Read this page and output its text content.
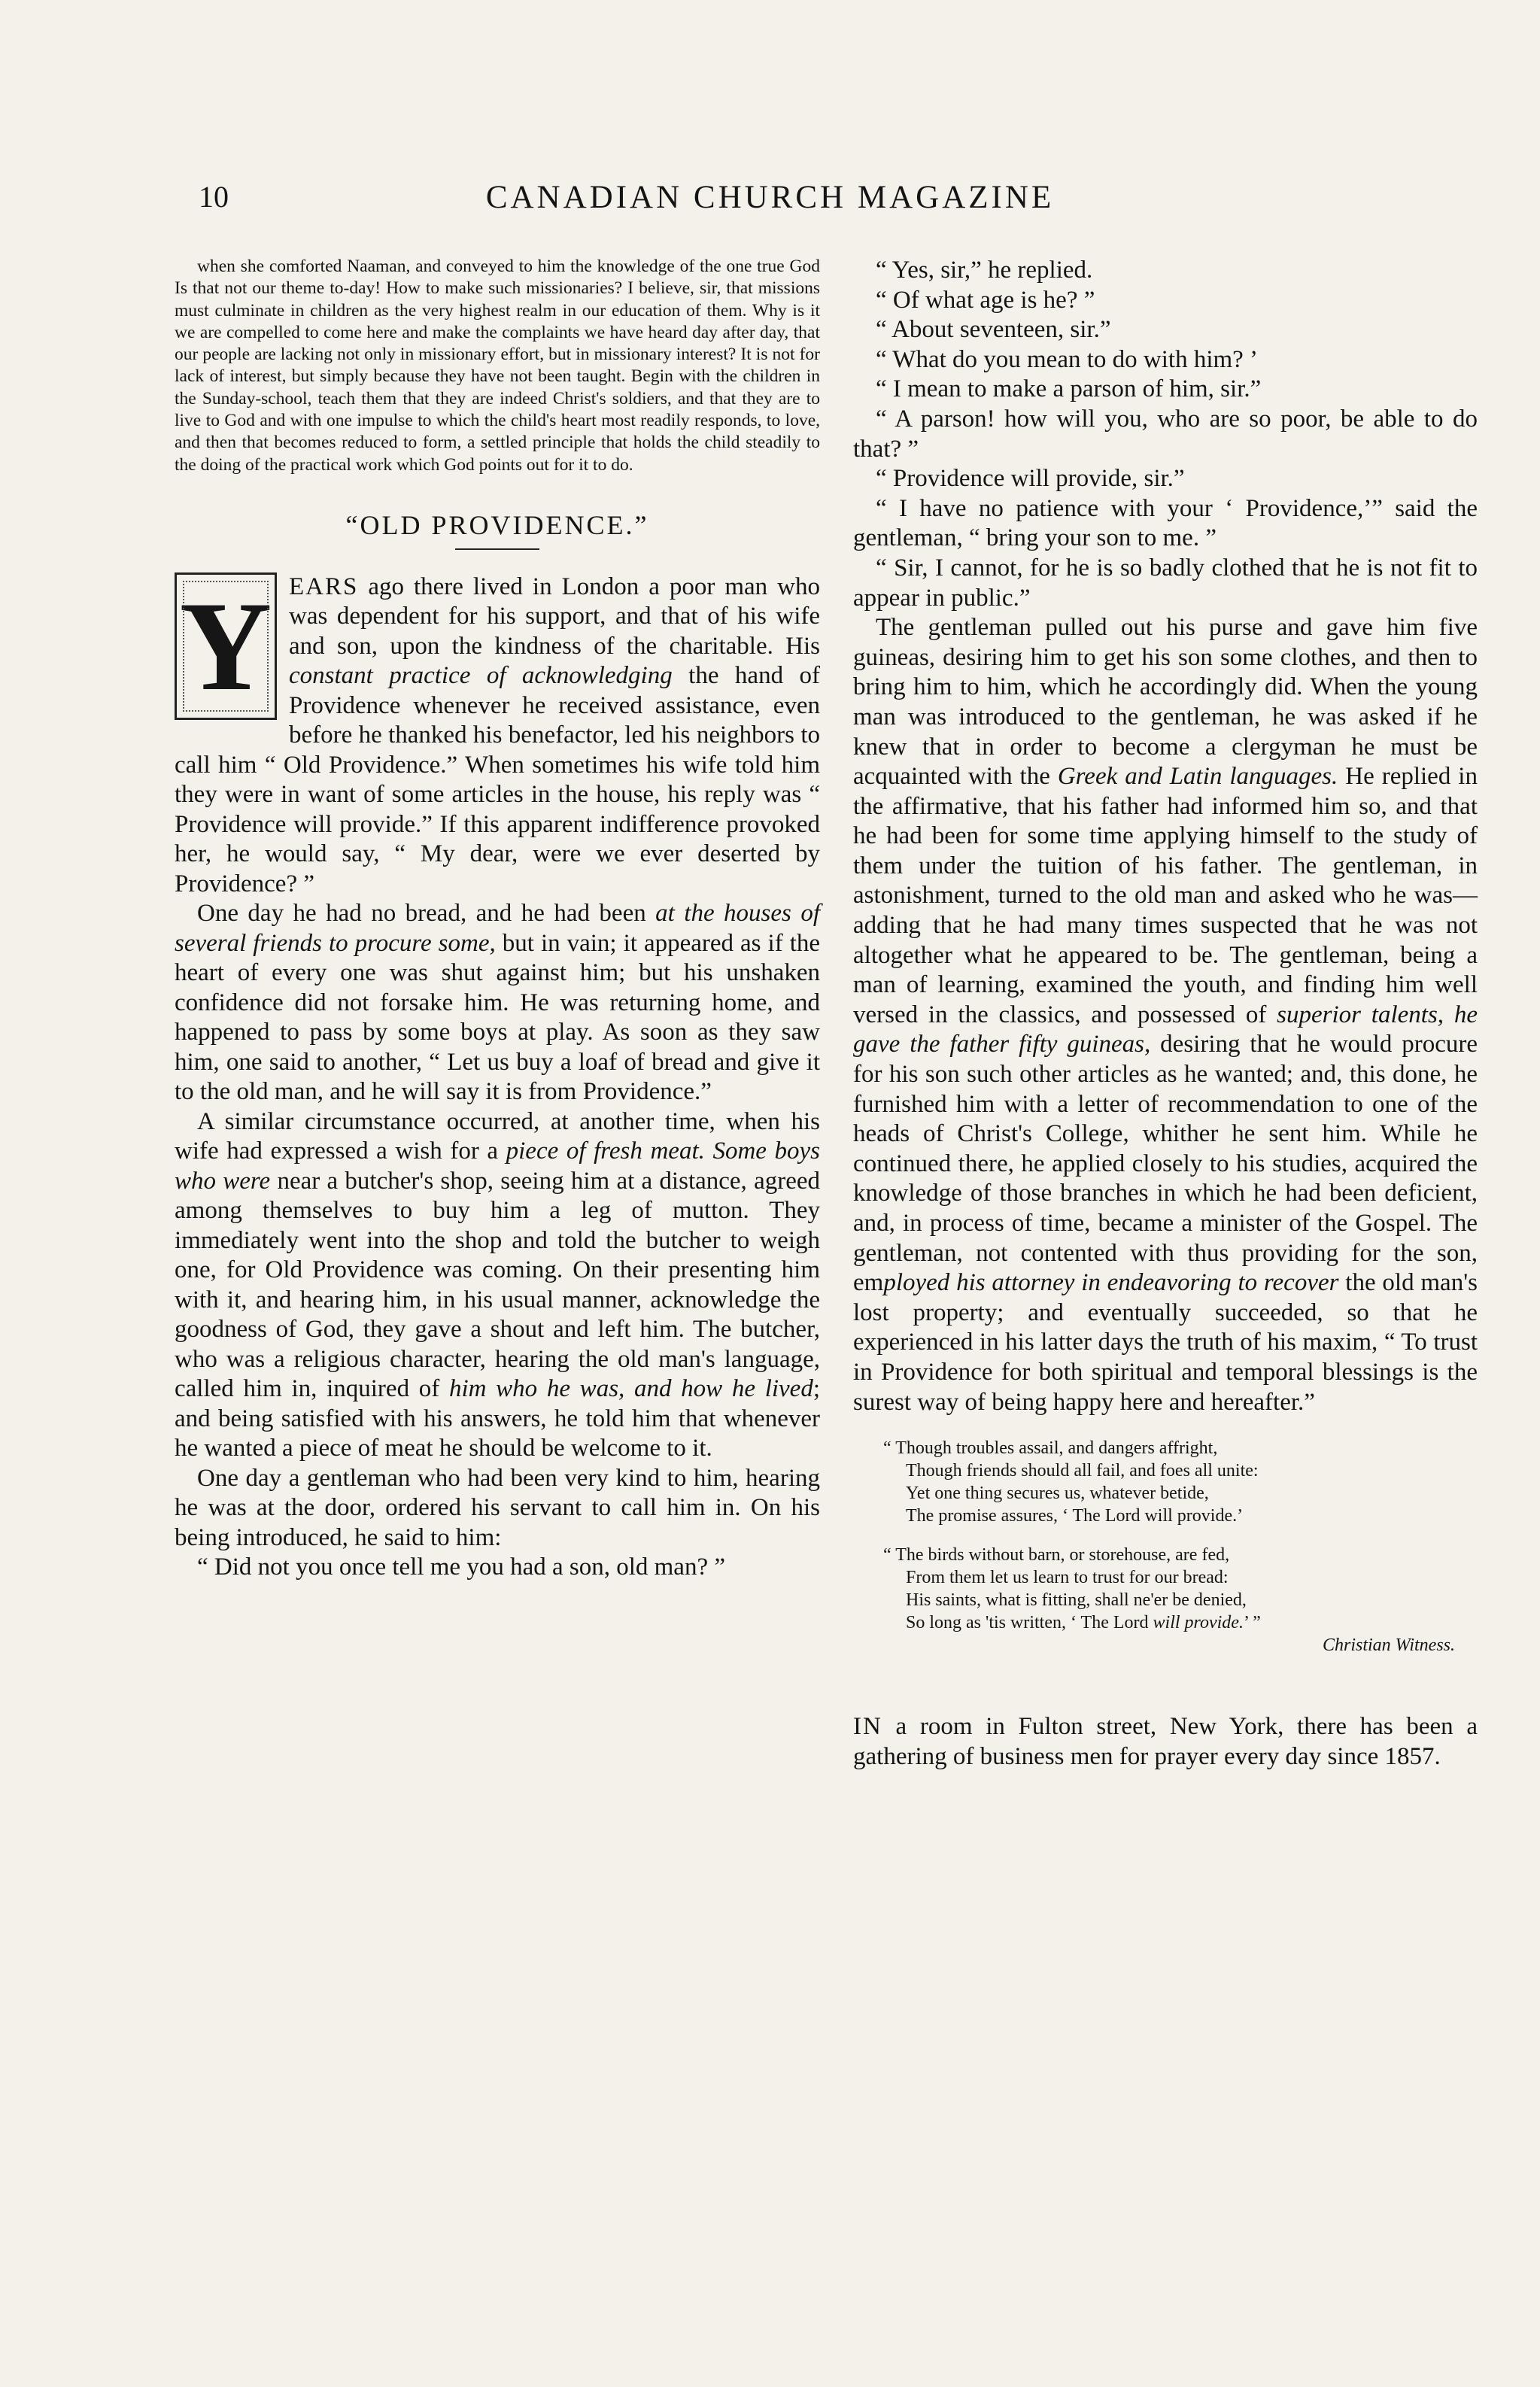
10	CANADIAN CHURCH MAGAZINE

when she comforted Naaman, and conveyed to him the knowledge of the one true God Is that not our theme to-day! How to make such missionaries? I believe, sir, that missions must culminate in children as the very highest realm in our education of them. Why is it we are compelled to come here and make the complaints we have heard day after day, that our people are lacking not only in missionary effort, but in missionary interest? It is not for lack of interest, but simply because they have not been taught. Begin with the children in the Sunday-school, teach them that they are indeed Christ's soldiers, and that they are to live to God and with one impulse to which the child's heart most readily responds, to love, and then that becomes reduced to form, a settled principle that holds the child steadily to the doing of the practical work which God points out for it to do.

“OLD PROVIDENCE.”
Y EARS ago there lived in London a poor man who was dependent for his support, and that of his wife and son, upon the kindness of the charitable. His constant practice of acknowledging the hand of Providence whenever he received assistance, even before he thanked his benefactor, led his neighbors to call him “ Old Providence.” When sometimes his wife told him they were in want of some articles in the house, his reply was “ Providence will provide.” If this apparent indifference provoked her, he would say, “ My dear, were we ever deserted by Providence? ”

One day he had no bread, and he had been at the houses of several friends to procure some, but in vain; it appeared as if the heart of every one was shut against him; but his unshaken confidence did not forsake him. He was returning home, and happened to pass by some boys at play. As soon as they saw him, one said to another, “ Let us buy a loaf of bread and give it to the old man, and he will say it is from Providence.”

A similar circumstance occurred, at another time, when his wife had expressed a wish for a piece of fresh meat. Some boys who were near a butcher's shop, seeing him at a distance, agreed among themselves to buy him a leg of mutton. They immediately went into the shop and told the butcher to weigh one, for Old Providence was coming. On their presenting him with it, and hearing him, in his usual manner, acknowledge the goodness of God, they gave a shout and left him. The butcher, who was a religious character, hearing the old man's language, called him in, inquired of him who he was, and how he lived; and being satisfied with his answers, he told him that whenever he wanted a piece of meat he should be welcome to it.

One day a gentleman who had been very kind to him, hearing he was at the door, ordered his servant to call him in. On his being introduced, he said to him:

“ Did not you once tell me you had a son, old man? ”

“ Yes, sir,” he replied.

“ Of what age is he? ”

“ About seventeen, sir.”

“ What do you mean to do with him? ’

“ I mean to make a parson of him, sir.”

“ A parson! how will you, who are so poor, be able to do that? ”

“ Providence will provide, sir.”

“ I have no patience with your ‘ Providence,’” said the gentleman, “ bring your son to me. ”

“ Sir, I cannot, for he is so badly clothed that he is not fit to appear in public.”

The gentleman pulled out his purse and gave him five guineas, desiring him to get his son some clothes, and then to bring him to him, which he accordingly did. When the young man was introduced to the gentleman, he was asked if he knew that in order to become a clergyman he must be acquainted with the Greek and Latin languages. He replied in the affirmative, that his father had informed him so, and that he had been for some time applying himself to the study of them under the tuition of his father. The gentleman, in astonishment, turned to the old man and asked who he was—adding that he had many times suspected that he was not altogether what he appeared to be. The gentleman, being a man of learning, examined the youth, and finding him well versed in the classics, and possessed of superior talents, he gave the father fifty guineas, desiring that he would procure for his son such other articles as he wanted; and, this done, he furnished him with a letter of recommendation to one of the heads of Christ's College, whither he sent him. While he continued there, he applied closely to his studies, acquired the knowledge of those branches in which he had been deficient, and, in process of time, became a minister of the Gospel. The gentleman, not contented with thus providing for the son, employed his attorney in endeavoring to recover the old man's lost property; and eventually succeeded, so that he experienced in his latter days the truth of his maxim, “ To trust in Providence for both spiritual and temporal blessings is the surest way of being happy here and hereafter.”

“ Though troubles assail, and dangers affright,
Though friends should all fail, and foes all unite:
Yet one thing secures us, whatever betide,
The promise assures, ‘ The Lord will provide.’
“ The birds without barn, or storehouse, are fed,
From them let us learn to trust for our bread:
His saints, what is fitting, shall ne'er be denied,
So long as 'tis written, ‘ The Lord will provide.’ ”
Christian Witness.

IN a room in Fulton street, New York, there has been a gathering of business men for prayer every day since 1857.
